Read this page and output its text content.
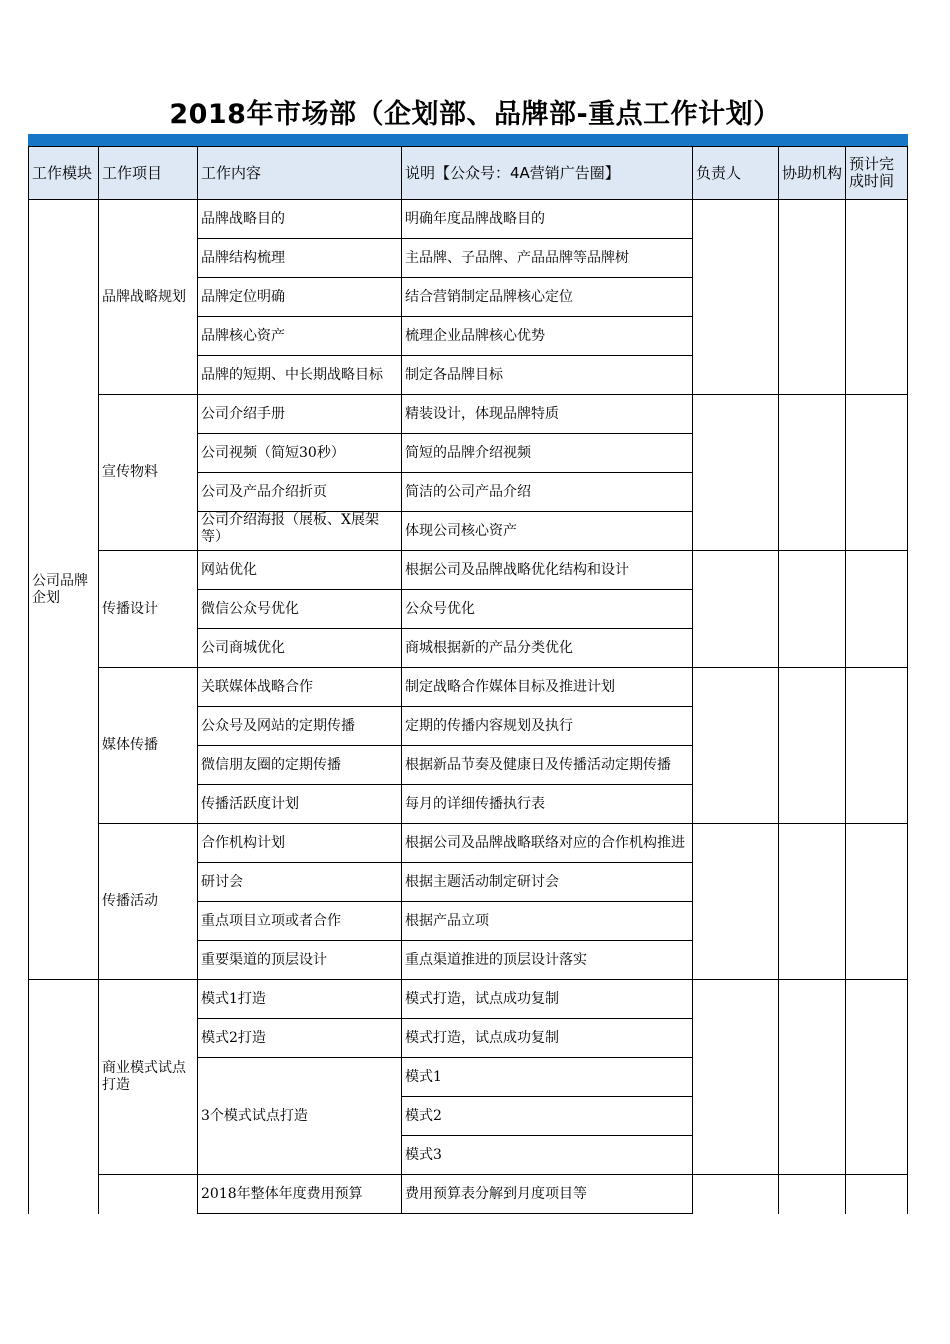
2018年市场部（企划部、品牌部-重点工作计划）
工作模块	工作项目	工作内容	说明【公众号：4A营销广告圈】	负责人	协助机构	预计完成时间
公司品牌企划	品牌战略规划	品牌战略目的	明确年度品牌战略目的			
		品牌结构梳理	主品牌、子品牌、产品品牌等品牌树			
		品牌定位明确	结合营销制定品牌核心定位			
		品牌核心资产	梳理企业品牌核心优势			
		品牌的短期、中长期战略目标	制定各品牌目标			
	宣传物料	公司介绍手册	精装设计，体现品牌特质			
		公司视频（简短30秒）	简短的品牌介绍视频			
		公司及产品介绍折页	简洁的公司产品介绍			
		公司介绍海报（展板、X展架等）	体现公司核心资产			
	传播设计	网站优化	根据公司及品牌战略优化结构和设计			
		微信公众号优化	公众号优化			
		公司商城优化	商城根据新的产品分类优化			
	媒体传播	关联媒体战略合作	制定战略合作媒体目标及推进计划			
		公众号及网站的定期传播	定期的传播内容规划及执行			
		微信朋友圈的定期传播	根据新品节奏及健康日及传播活动定期传播			
		传播活跃度计划	每月的详细传播执行表			
	传播活动	合作机构计划	根据公司及品牌战略联络对应的合作机构推进			
		研讨会	根据主题活动制定研讨会			
		重点项目立项或者合作	根据产品立项			
		重要渠道的顶层设计	重点渠道推进的顶层设计落实			
	商业模式试点打造	模式1打造	模式打造，试点成功复制			
		模式2打造	模式打造，试点成功复制			
		3个模式试点打造	模式1			
			模式2			
			模式3			
		2018年整体年度费用预算	费用预算表分解到月度项目等			
